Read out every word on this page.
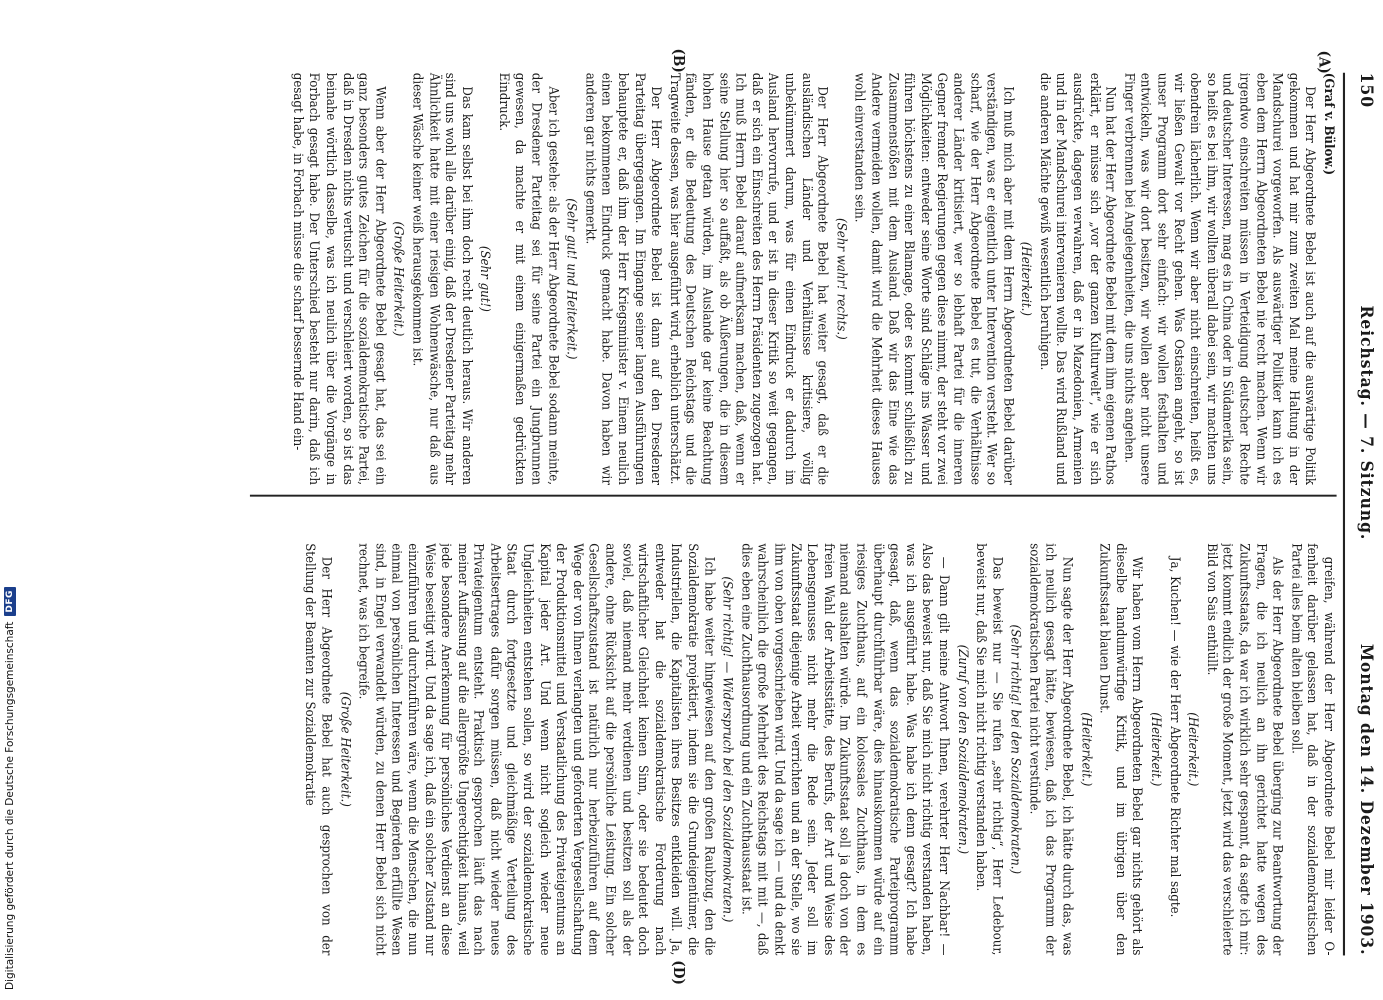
Digitalisierung gefördert durch die Deutsche Forschungsgemeinschaft
DFG
150
Reichstag. — 7. Sitzung.
Montag den 14. Dezember 1903.
(A)
(B)
(D)

(Graf v. Bülow.)

Der Herr Abgeordnete Bebel ist auch auf die auswärtige Politik gekommen und hat mir zum zweiten Mal meine Haltung in der Mandschurei vorgeworfen. Als auswärtiger Politiker kann ich es eben dem Herrn Abgeordneten Bebel nie recht machen. Wenn wir irgendwo einschreiten müssen in Verteidigung deutscher Rechte und deutscher Interessen, mag es in China oder in Südamerika sein, so heißt es bei ihm, wir wollten überall dabei sein, wir machten uns obendrein lächerlich. Wenn wir aber nicht einschreiten, heißt es, wir ließen Gewalt vor Recht gehen. Was Ostasien angeht, so ist unser Programm dort sehr einfach: wir wollen festhalten und entwickeln, was wir dort besitzen, wir wollen aber nicht unsere Finger verbrennen bei Angelegenheiten, die uns nichts angehen.

Nun hat der Herr Abgeordnete Bebel mit dem ihm eigenen Pathos erklärt, er müsse sich „vor der ganzen Kulturwelt“, wie er sich ausdrückte, dagegen verwahren, daß er in Mazedonien, Armenien und in der Mandschurei intervenieren wollte. Das wird Rußland und die anderen Mächte gewiß wesentlich beruhigen.

(Heiterkeit.)

Ich muß mich aber mit dem Herrn Abgeordneten Bebel darüber verständigen, was er eigentlich unter Intervention versteht. Wer so scharf, wie der Herr Abgeordnete Bebel es tut, die Verhältnisse anderer Länder kritisiert, wer so lebhaft Partei für die inneren Gegner fremder Regierungen gegen diese nimmt, der steht vor zwei Möglichkeiten: entweder seine Worte sind Schläge ins Wasser und führen höchstens zu einer Blamage, oder es kommt schließlich zu Zusammenstößen mit dem Ausland. Daß wir das Eine wie das Andere vermeiden wollen, damit wird die Mehrheit dieses Hauses wohl einverstanden sein.

(Sehr wahr! rechts.)

Der Herr Abgeordnete Bebel hat weiter gesagt, daß er die ausländischen Länder und Verhältnisse kritisiere, völlig unbekümmert darum, was für einen Eindruck er dadurch im Ausland hervorrufe, und er ist in dieser Kritik so weit gegangen, daß er sich ein Einschreiten des Herrn Präsidenten zugezogen hat. Ich muß Herrn Bebel darauf aufmerksam machen, daß, wenn er seine Stellung hier so auffaßt, als ob Äußerungen, die in diesem hohen Hause getan würden, im Auslande gar keine Beachtung fänden, er die Bedeutung des Deutschen Reichstags und die Tragweite dessen, was hier ausgeführt wird, erheblich unterschätzt.

Der Herr Abgeordnete Bebel ist dann auf den Dresdener Parteitag übergegangen. Im Eingange seiner langen Ausführungen behauptete er, daß ihm der Herr Kriegsminister v. Einem neulich einen bekommenen Eindruck gemacht habe. Davon haben wir anderen gar nichts gemerkt.

(Sehr gut! und Heiterkeit.)

Aber ich gestehe: als der Herr Abgeordnete Bebel sodann meinte, der Dresdener Parteitag sei für seine Partei ein Jungbrunnen gewesen, da machte er mit einem einigermaßen gedrückten Eindruck.

(Sehr gut!)

Das kam selbst bei ihm doch recht deutlich heraus. Wir anderen sind uns wohl alle darüber einig, daß der Dresdener Parteitag mehr Ähnlichkeit hatte mit einer riesigen Wohnenwäsche, nur daß aus dieser Wäsche keiner weiß herausgekommen ist.

(Große Heiterkeit.)

Wenn aber der Herr Abgeordnete Bebel gesagt hat, das sei ein ganz besonders gutes Zeichen für die sozialdemokratische Partei, daß in Dresden nichts vertuscht und verschleiert worden, so ist das beinahe wörtlich dasselbe, was ich neulich über die Vorgänge in Forbach gesagt habe. Der Unterschied besteht nur darin, daß ich gesagt habe, in Forbach müsse die scharf bessernde Hand ein-

greifen, während der Herr Abgeordnete Bebel mir leider O-fenheit darüber gelassen hat, daß in der sozialdemokratischen Partei alles beim alten bleiben soll.

Als der Herr Abgeordnete Bebel überging zur Beantwortung der Fragen, die ich neulich an ihn gerichtet hatte wegen des Zukunftsstaats, da war ich wirklich sehr gespannt, da sagte ich mir: jetzt kommt endlich der große Moment, jetzt wird das verschleierte Bild von Sais enthüllt.

(Heiterkeit.)

Ja, Kuchen! — wie der Herr Abgeordnete Richter mal sagte.

(Heiterkeit.)

Wir haben vom Herrn Abgeordneten Bebel gar nichts gehört als dieselbe handumwürfige Kritik, und im übrigen über den Zukunftsstaat blauen Dunst.

(Heiterkeit.)

Nun sagte der Herr Abgeordnete Bebel, ich hätte durch das, was ich neulich gesagt hätte, bewiesen, daß ich das Programm der sozialdemokratischen Partei nicht verstünde.

(Sehr richtig! bei den Sozialdemokraten.)

Das beweist nur — Sie rufen „sehr richtig“, Herr Ledebour, beweist nur, daß Sie mich nicht richtig verstanden haben.

(Zuruf von den Sozialdemokraten.)

— Dann gilt meine Antwort Ihnen, verehrter Herr Nachbar! — Also das beweist nur, daß Sie mich nicht richtig verstanden haben, was ich ausgeführt habe. Was habe ich denn gesagt? Ich habe gesagt, daß, wenn das sozialdemokratische Parteiprogramm überhaupt durchführbar wäre, dies hinauskommen würde auf ein riesiges Zuchthaus, auf ein kolossales Zuchthaus, in dem es niemand aushalten würde. Im Zukunftsstaat soll ja doch von der freien Wahl der Arbeitsstätte, des Berufs, der Art und Weise des Lebensgenusses nicht mehr die Rede sein. Jeder soll im Zukunftsstaat diejenige Arbeit verrichten und an der Stelle, wo sie ihm von oben vorgeschrieben wird. Und da sage ich — und da denkt wahrscheinlich die große Mehrheit des Reichstags mit mit —, daß dies eben eine Zuchthausordnung und ein Zuchthausstaat ist.

(Sehr richtig! — Widerspruch bei den Sozialdemokraten.)

Ich habe weiter hingewiesen auf den großen Raubzug, den die Sozialdemokratie projektiert, indem sie die Grundeigentümer, die Industriellen, die Kapitalisten ihres Besitzes entkleiden will. Ja, entweder hat die sozialdemokratische Forderung nach wirtschaftlicher Gleichheit keinen Sinn, oder sie bedeutet doch soviel, daß niemand mehr verdienen und besitzen soll als der andere, ohne Rücksicht auf die persönliche Leistung. Ein solcher Gesellschaftszustand ist natürlich nur herbeizuführen auf dem Wege der von Ihnen verlangten und geforderten Vergesellschaftung der Produktionsmittel und Verstaatlichung des Privateigentums an Kapital jeder Art. Und wenn nicht sogleich wieder neue Ungleichheiten entstehen sollen, so wird der sozialdemokratische Staat durch fortgesetzte und gleichmäßige Verteilung des Arbeitsertrages dafür sorgen müssen, daß nicht wieder neues Privateigentum entsteht. Praktisch gesprochen läuft das nach meiner Auffassung auf die allergrößte Ungerechtigkeit hinaus, weil jede besondere Anerkennung für persönliches Verdienst an diese Weise beseitigt wird. Und da sage ich, daß ein solcher Zustand nur einzuführen und durchzuführen wäre, wenn die Menschen, die nun einmal von persönlichen Interessen und Begierden erfüllte Wesen sind, in Engel verwandelt würden, zu denen Herr Bebel sich nicht rechnet, was ich begreife.

(Große Heiterkeit.)

Der Herr Abgeordnete Bebel hat auch gesprochen von der Stellung der Beamten zur Sozialdemokratie
